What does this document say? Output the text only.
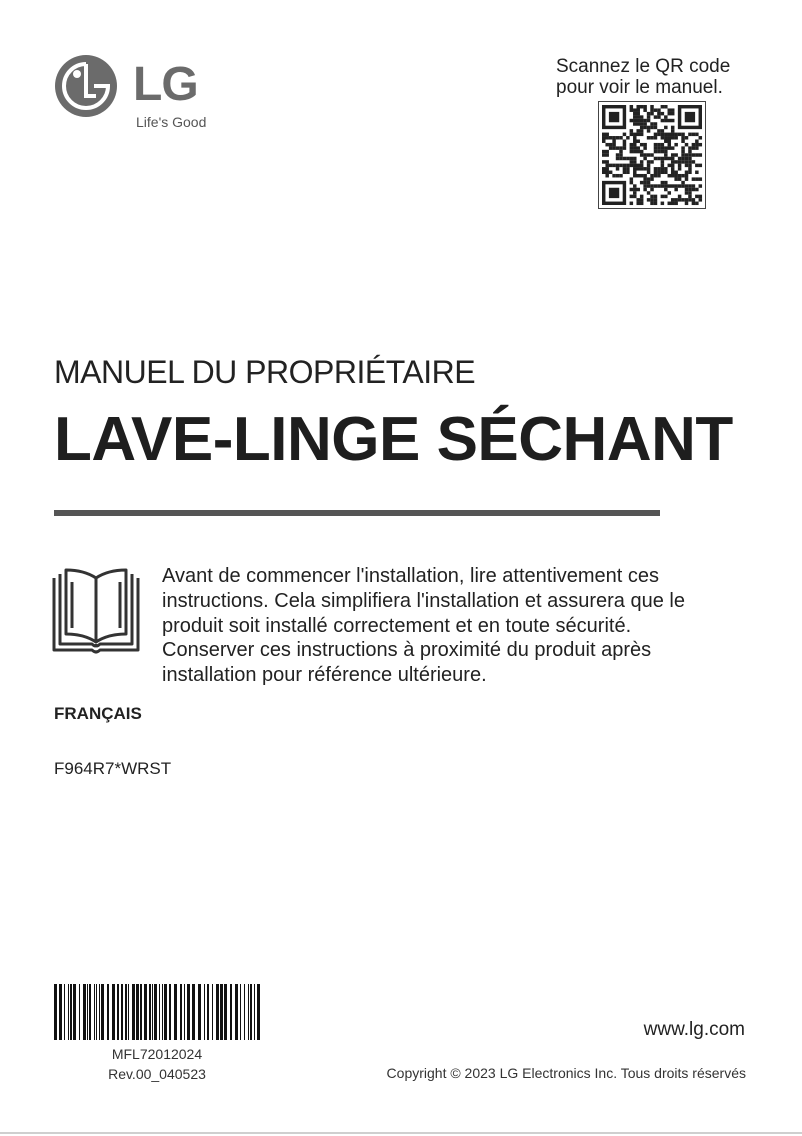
LG
Life's Good
Scannez le QR code
pour voir le manuel.
MANUEL DU PROPRIÉTAIRE
LAVE-LINGE SÉCHANT
Avant de commencer l'installation, lire attentivement ces
instructions. Cela simplifiera l'installation et assurera que le
produit soit installé correctement et en toute sécurité.
Conserver ces instructions à proximité du produit après
installation pour référence ultérieure.
FRANÇAIS
F964R7*WRST
MFL72012024
Rev.00_040523
www.lg.com
Copyright © 2023 LG Electronics Inc. Tous droits réservés
